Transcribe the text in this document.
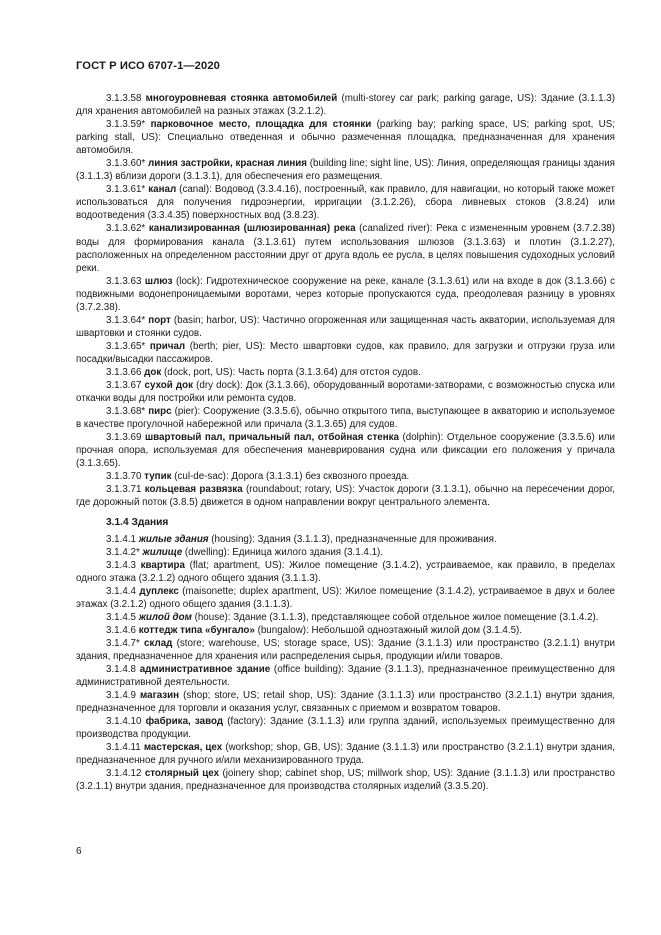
ГОСТ Р ИСО 6707-1—2020

3.1.3.58 многоуровневая стоянка автомобилей (multi-storey car park; parking garage, US): Здание (3.1.1.3) для хранения автомобилей на разных этажах (3.2.1.2).

3.1.3.59* парковочное место, площадка для стоянки (parking bay; parking space, US; parking spot, US; parking stall, US): Специально отведенная и обычно размеченная площадка, предназначенная для хранения автомобиля.

3.1.3.60* линия застройки, красная линия (building line; sight line, US): Линия, определяющая границы здания (3.1.1.3) вблизи дороги (3.1.3.1), для обеспечения его размещения.

3.1.3.61* канал (canal): Водовод (3.3.4.16), построенный, как правило, для навигации, но который также может использоваться для получения гидроэнергии, ирригации (3.1.2.26), сбора ливневых стоков (3.8.24) или водоотведения (3.3.4.35) поверхностных вод (3.8.23).

3.1.3.62* канализированная (шлюзированная) река (canalized river): Река с измененным уровнем (3.7.2.38) воды для формирования канала (3.1.3.61) путем использования шлюзов (3.1.3.63) и плотин (3.1.2.27), расположенных на определенном расстоянии друг от друга вдоль ее русла, в целях повышения судоходных условий реки.

3.1.3.63 шлюз (lock): Гидротехническое сооружение на реке, канале (3.1.3.61) или на входе в док (3.1.3.66) с подвижными водонепроницаемыми воротами, через которые пропускаются суда, преодолевая разницу в уровнях (3.7.2.38).

3.1.3.64* порт (basin; harbor, US): Частично огороженная или защищенная часть акватории, используемая для швартовки и стоянки судов.

3.1.3.65* причал (berth; pier, US): Место швартовки судов, как правило, для загрузки и отгрузки груза или посадки/высадки пассажиров.

3.1.3.66 док (dock, port, US): Часть порта (3.1.3.64) для отстоя судов.

3.1.3.67 сухой док (dry dock): Док (3.1.3.66), оборудованный воротами-затворами, с возможностью спуска или откачки воды для постройки или ремонта судов.

3.1.3.68* пирс (pier): Сооружение (3.3.5.6), обычно открытого типа, выступающее в акваторию и используемое в качестве прогулочной набережной или причала (3.1.3.65) для судов.

3.1.3.69 швартовый пал, причальный пал, отбойная стенка (dolphin): Отдельное сооружение (3.3.5.6) или прочная опора, используемая для обеспечения маневрирования судна или фиксации его положения у причала (3.1.3.65).

3.1.3.70 тупик (cul-de-sac): Дорога (3.1.3.1) без сквозного проезда.

3.1.3.71 кольцевая развязка (roundabout; rotary, US): Участок дороги (3.1.3.1), обычно на пересечении дорог, где дорожный поток (3.8.5) движется в одном направлении вокруг центрального элемента.

3.1.4 Здания

3.1.4.1 жилые здания (housing): Здания (3.1.1.3), предназначенные для проживания.

3.1.4.2* жилище (dwelling): Единица жилого здания (3.1.4.1).

3.1.4.3 квартира (flat; apartment, US): Жилое помещение (3.1.4.2), устраиваемое, как правило, в пределах одного этажа (3.2.1.2) одного общего здания (3.1.1.3).

3.1.4.4 дуплекс (maisonette; duplex apartment, US): Жилое помещение (3.1.4.2), устраиваемое в двух и более этажах (3.2.1.2) одного общего здания (3.1.1.3).

3.1.4.5 жилой дом (house): Здание (3.1.1.3), представляющее собой отдельное жилое помещение (3.1.4.2).

3.1.4.6 коттедж типа «бунгало» (bungalow): Небольшой одноэтажный жилой дом (3.1.4.5).

3.1.4.7* склад (store; warehouse, US; storage space, US): Здание (3.1.1.3) или пространство (3.2.1.1) внутри здания, предназначенное для хранения или распределения сырья, продукции и/или товаров.

3.1.4.8 административное здание (office building): Здание (3.1.1.3), предназначенное преимущественно для административной деятельности.

3.1.4.9 магазин (shop; store, US; retail shop, US): Здание (3.1.1.3) или пространство (3.2.1.1) внутри здания, предназначенное для торговли и оказания услуг, связанных с приемом и возвратом товаров.

3.1.4.10 фабрика, завод (factory): Здание (3.1.1.3) или группа зданий, используемых преимущественно для производства продукции.

3.1.4.11 мастерская, цех (workshop; shop, GB, US): Здание (3.1.1.3) или пространство (3.2.1.1) внутри здания, предназначенное для ручного и/или механизированного труда.

3.1.4.12 столярный цех (joinery shop; cabinet shop, US; millwork shop, US): Здание (3.1.1.3) или пространство (3.2.1.1) внутри здания, предназначенное для производства столярных изделий (3.3.5.20).

6
